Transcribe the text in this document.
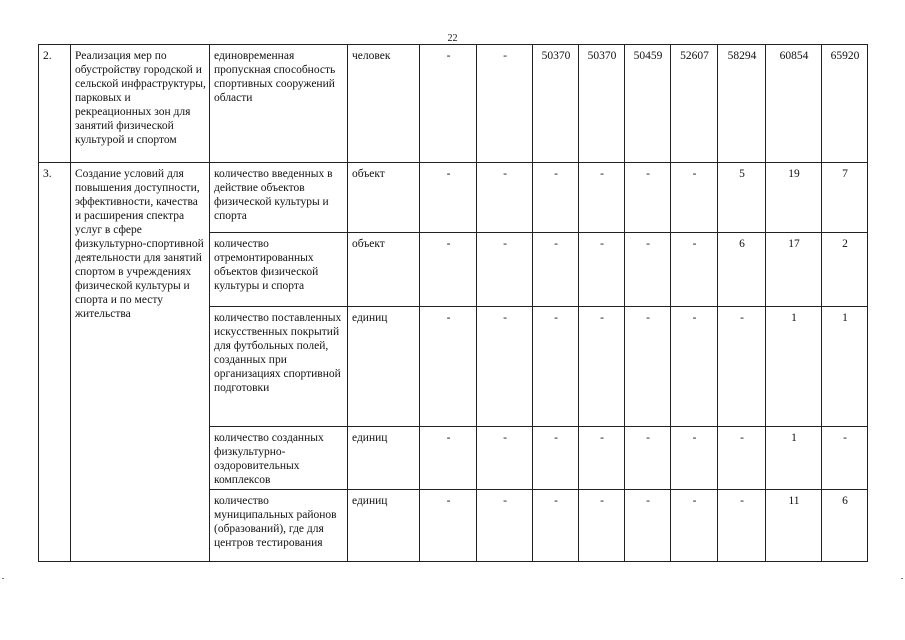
22
2.	Реализация мер по обустройству городской и сельской инфраструктуры, парковых и рекреационных зон для занятий физической культурой и спортом	единовременная пропускная способность спортивных сооружений области	человек	-	-	50370	50370	50459	52607	58294	60854	65920
3.	Создание условий для повышения доступности, эффективности, качества и расширения спектра услуг в сфере физкультурно-спортивной деятельности для занятий спортом в учреждениях физической культуры и спорта и по месту жительства	количество введенных в действие объектов физической культуры и спорта	объект	-	-	-	-	-	-	5	19	7
		количество отремонтированных объектов физической культуры и спорта	объект	-	-	-	-	-	-	6	17	2
		количество поставленных искусственных покрытий для футбольных полей, созданных при организациях спортивной подготовки	единиц	-	-	-	-	-	-	-	1	1
		количество созданных физкультурно-оздоровительных комплексов	единиц	-	-	-	-	-	-	-	1	-
		количество муниципальных районов (образований), где для центров тестирования	единиц	-	-	-	-	-	-	-	11	6
